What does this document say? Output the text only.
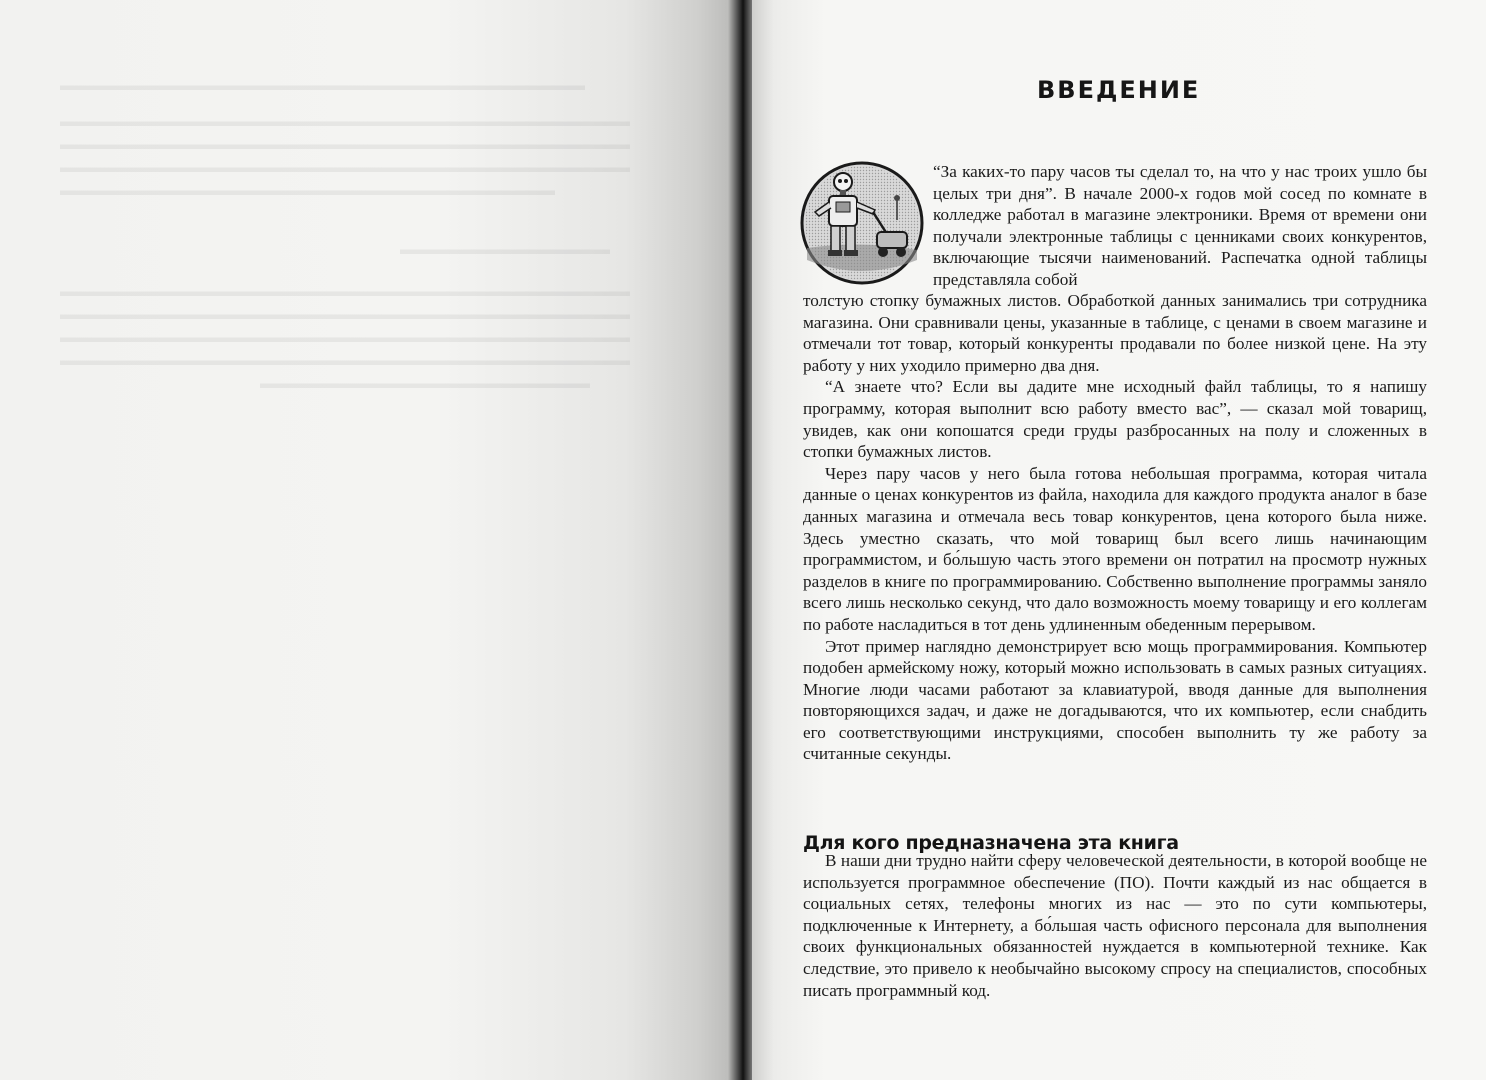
▬▬▬▬▬▬▬▬▬▬▬▬▬▬▬▬▬▬▬▬▬▬▬▬▬▬▬▬▬▬▬▬▬▬▬
▬▬▬▬▬▬▬▬▬▬▬▬▬▬▬▬▬▬▬▬▬▬▬▬▬▬▬▬▬▬▬▬▬▬▬▬▬▬
▬▬▬▬▬▬▬▬▬▬▬▬▬▬▬▬▬▬▬▬▬▬▬▬▬▬▬▬▬▬▬▬▬▬▬▬▬▬
▬▬▬▬▬▬▬▬▬▬▬▬▬▬▬▬▬▬▬▬▬▬▬▬▬▬▬▬▬▬▬▬▬▬▬▬▬▬
▬▬▬▬▬▬▬▬▬▬▬▬▬▬▬▬▬▬▬▬▬▬▬▬▬▬▬▬▬▬▬▬▬
▬▬▬▬▬▬▬▬▬▬▬▬▬▬
▬▬▬▬▬▬▬▬▬▬▬▬▬▬▬▬▬▬▬▬▬▬▬▬▬▬▬▬▬▬▬▬▬▬▬▬▬▬
▬▬▬▬▬▬▬▬▬▬▬▬▬▬▬▬▬▬▬▬▬▬▬▬▬▬▬▬▬▬▬▬▬▬▬▬▬▬
▬▬▬▬▬▬▬▬▬▬▬▬▬▬▬▬▬▬▬▬▬▬▬▬▬▬▬▬▬▬▬▬▬▬▬▬▬▬
▬▬▬▬▬▬▬▬▬▬▬▬▬▬▬▬▬▬▬▬▬▬▬▬▬▬▬▬▬▬▬▬▬▬▬▬▬▬
▬▬▬▬▬▬▬▬▬▬▬▬▬▬▬▬▬▬▬▬▬▬
ВВЕДЕНИЕ
“За каких-то пару часов ты сделал то, на что у нас троих ушло бы целых три дня”. В начале 2000-х годов мой сосед по комнате в колледже работал в магазине электроники. Время от времени они получали электронные таблицы с ценниками своих конкурентов, включающие тысячи наименований. Распечатка одной таблицы представляла собой

толстую стопку бумажных листов. Обработкой данных занимались три сотрудника магазина. Они сравнивали цены, указанные в таблице, с ценами в своем магазине и отмечали тот товар, который конкуренты продавали по более низкой цене. На эту работу у них уходило примерно два дня.

“А знаете что? Если вы дадите мне исходный файл таблицы, то я напишу программу, которая выполнит всю работу вместо вас”, — сказал мой товарищ, увидев, как они копошатся среди груды разбросанных на полу и сложенных в стопки бумажных листов.

Через пару часов у него была готова небольшая программа, которая читала данные о ценах конкурентов из файла, находила для каждого продукта аналог в базе данных магазина и отмечала весь товар конкурентов, цена которого была ниже. Здесь уместно сказать, что мой товарищ был всего лишь начинающим программистом, и бо́льшую часть этого времени он потратил на просмотр нужных разделов в книге по программированию. Собственно выполнение программы заняло всего лишь несколько секунд, что дало возможность моему товарищу и его коллегам по работе насладиться в тот день удлиненным обеденным перерывом.

Этот пример наглядно демонстрирует всю мощь программирования. Компьютер подобен армейскому ножу, который можно использовать в самых разных ситуациях. Многие люди часами работают за клавиатурой, вводя данные для выполнения повторяющихся задач, и даже не догадываются, что их компьютер, если снабдить его соответствующими инструкциями, способен выполнить ту же работу за считанные секунды.

Для кого предназначена эта книга

В наши дни трудно найти сферу человеческой деятельности, в которой вообще не используется программное обеспечение (ПО). Почти каждый из нас общается в социальных сетях, телефоны многих из нас — это по сути компьютеры, подключенные к Интернету, а бо́льшая часть офисного персонала для выполнения своих функциональных обязанностей нуждается в компьютерной технике. Как следствие, это привело к необычайно высокому спросу на специалистов, способных писать программный код.
